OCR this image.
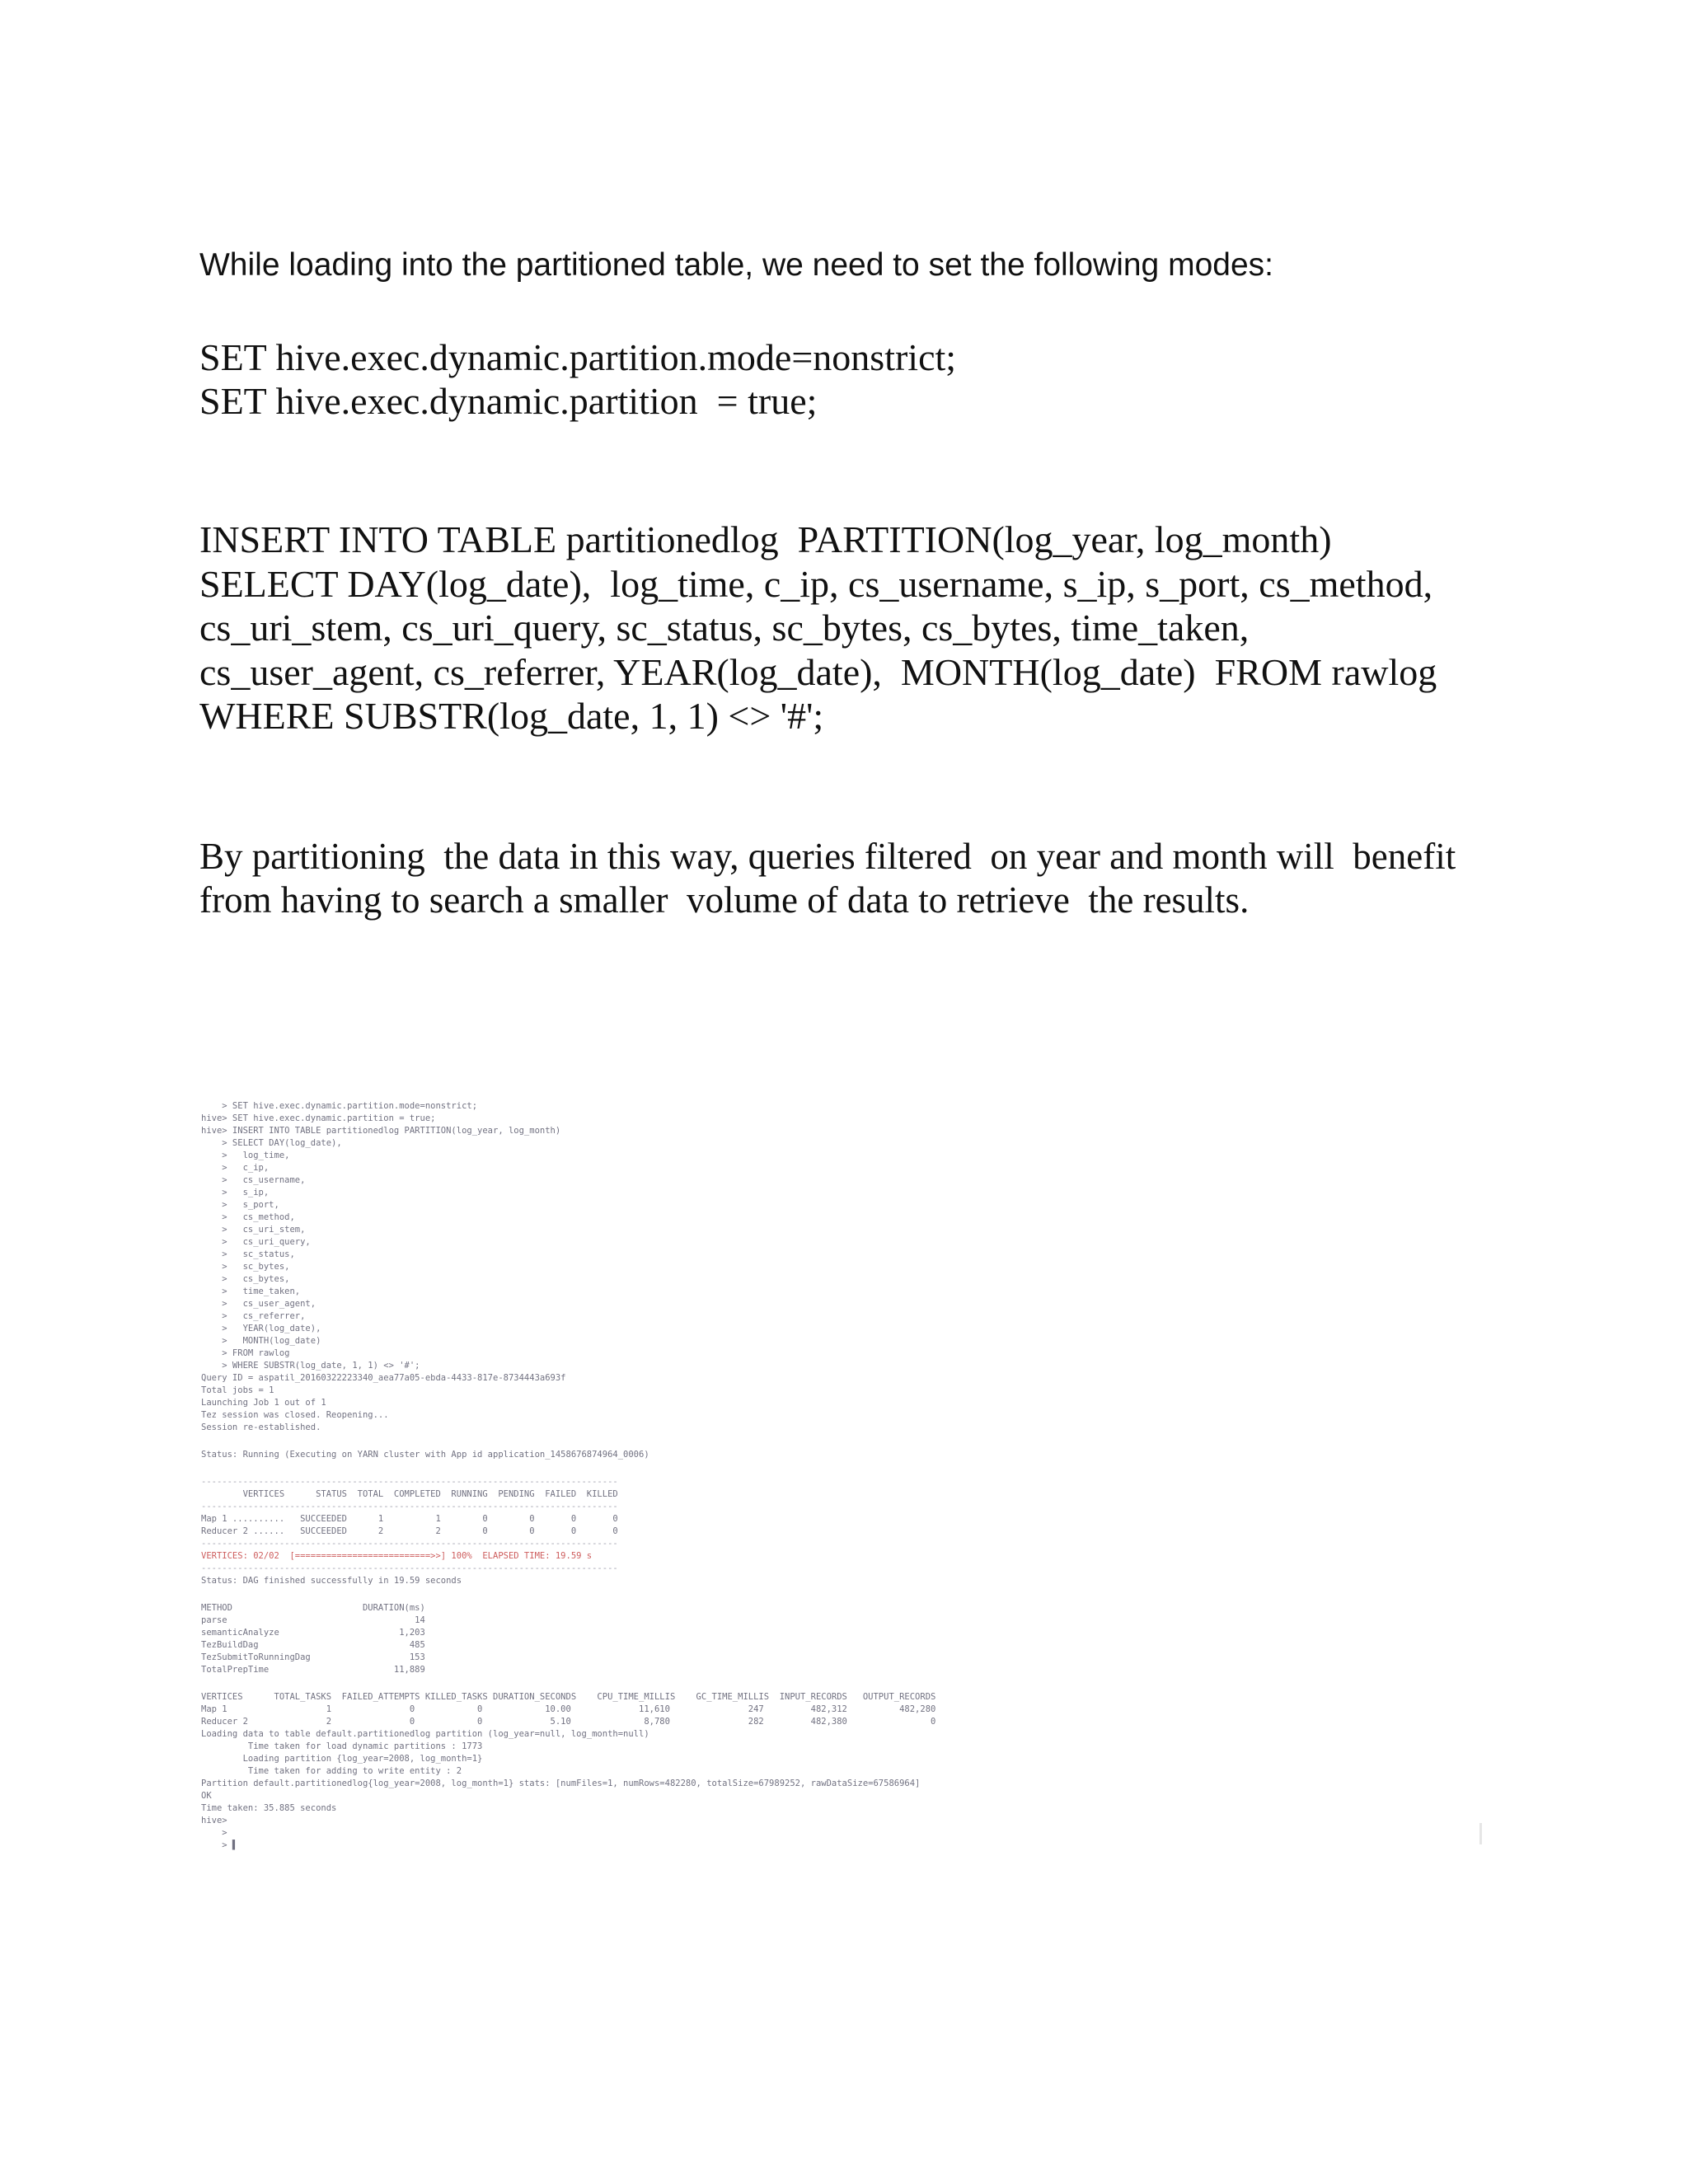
While loading into the partitioned table, we need to set the following modes:

SET hive.exec.dynamic.partition.mode=nonstrict;
SET hive.exec.dynamic.partition  = true;
INSERT INTO TABLE partitionedlog  PARTITION(log_year, log_month)
SELECT DAY(log_date),  log_time, c_ip, cs_username, s_ip, s_port, cs_method,
cs_uri_stem, cs_uri_query, sc_status, sc_bytes, cs_bytes, time_taken,
cs_user_agent, cs_referrer, YEAR(log_date),  MONTH(log_date)  FROM rawlog
WHERE SUBSTR(log_date, 1, 1) <> '#';
By partitioning  the data in this way, queries filtered  on year and month will  benefit
from having to search a smaller  volume of data to retrieve  the results.
> SET hive.exec.dynamic.partition.mode=nonstrict;
hive> SET hive.exec.dynamic.partition = true;
hive> INSERT INTO TABLE partitionedlog PARTITION(log_year, log_month)
> SELECT DAY(log_date),
>   log_time,
>   c_ip,
>   cs_username,
>   s_ip,
>   s_port,
>   cs_method,
>   cs_uri_stem,
>   cs_uri_query,
>   sc_status,
>   sc_bytes,
>   cs_bytes,
>   time_taken,
>   cs_user_agent,
>   cs_referrer,
>   YEAR(log_date),
>   MONTH(log_date)
> FROM rawlog
> WHERE SUBSTR(log_date, 1, 1) <> '#';
Query ID = aspatil_20160322223340_aea77a05-ebda-4433-817e-8734443a693f
Total jobs = 1
Launching Job 1 out of 1
Tez session was closed. Reopening...
Session re-established.
Status: Running (Executing on YARN cluster with App id application_1458676874964_0006)
--------------------------------------------------------------------------------
VERTICES      STATUS  TOTAL  COMPLETED  RUNNING  PENDING  FAILED  KILLED
--------------------------------------------------------------------------------
Map 1 ..........   SUCCEEDED      1          1        0        0       0       0
Reducer 2 ......   SUCCEEDED      2          2        0        0       0       0
--------------------------------------------------------------------------------
VERTICES: 02/02  [==========================>>] 100%  ELAPSED TIME: 19.59 s
--------------------------------------------------------------------------------
Status: DAG finished successfully in 19.59 seconds
METHOD                         DURATION(ms)
parse                                    14
semanticAnalyze                       1,203
TezBuildDag                             485
TezSubmitToRunningDag                   153
TotalPrepTime                        11,889
VERTICES      TOTAL_TASKS  FAILED_ATTEMPTS KILLED_TASKS DURATION_SECONDS    CPU_TIME_MILLIS    GC_TIME_MILLIS  INPUT_RECORDS   OUTPUT_RECORDS
Map 1                   1               0            0            10.00             11,610               247         482,312          482,280
Reducer 2               2               0            0             5.10              8,780               282         482,380                0
Loading data to table default.partitionedlog partition (log_year=null, log_month=null)
Time taken for load dynamic partitions : 1773
Loading partition {log_year=2008, log_month=1}
Time taken for adding to write entity : 2
Partition default.partitionedlog{log_year=2008, log_month=1} stats: [numFiles=1, numRows=482280, totalSize=67989252, rawDataSize=67586964]
OK
Time taken: 35.885 seconds
hive>
>
> ▌
